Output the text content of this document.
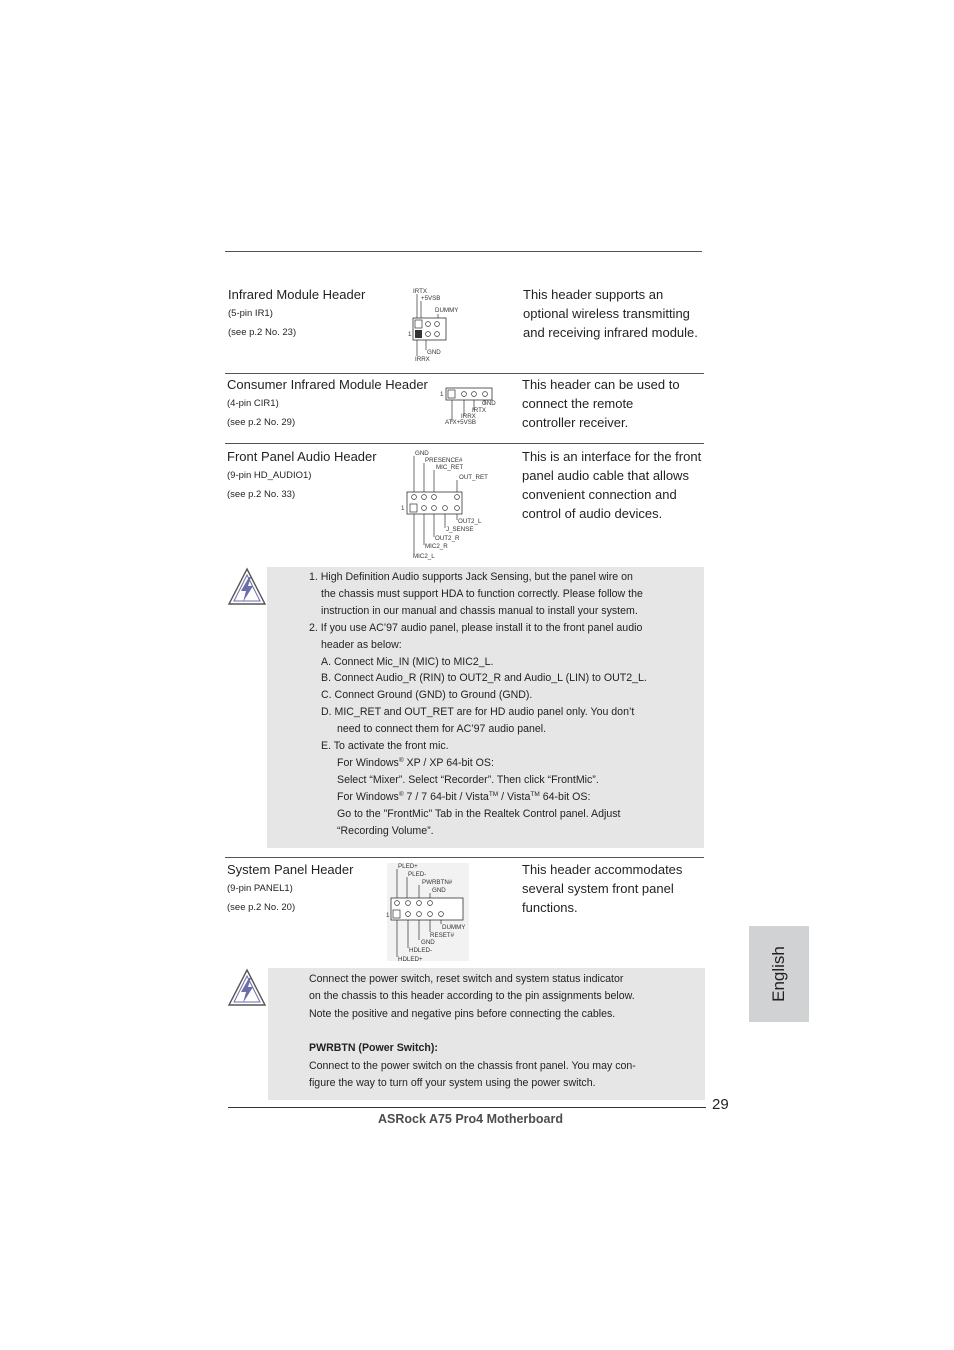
Infrared Module Header
(5-pin IR1)
(see p.2 No. 23)
This header supports an
optional wireless transmitting
and receiving infrared module.
IRTX
+5VSB
DUMMY
1
GND
IRRX
Consumer Infrared Module Header
(4-pin CIR1)
(see p.2 No. 29)
This header can be used to
connect the remote
controller receiver.
1
GND
IRTX
IRRX
ATX+5VSB
Front Panel Audio Header
(9-pin HD_AUDIO1)
(see p.2 No. 33)
This is an interface for the front
panel audio cable that allows
convenient connection and
control of audio devices.
GND
PRESENCE#
MIC_RET
OUT_RET
1
OUT2_L
J_SENSE
OUT2_R
MIC2_R
MIC2_L
1. High Definition Audio supports Jack Sensing, but the panel wire on
the chassis must support HDA to function correctly. Please follow the
instruction in our manual and chassis manual to install your system.
2. If you use AC’97 audio panel, please install it to the front panel audio
header as below:
A. Connect Mic_IN (MIC) to MIC2_L.
B. Connect Audio_R (RIN) to OUT2_R and Audio_L (LIN) to OUT2_L.
C. Connect Ground (GND) to Ground (GND).
D. MIC_RET and OUT_RET are for HD audio panel only. You don’t
need to connect them for AC’97 audio panel.
E. To activate the front mic.
For Windows® XP / XP 64-bit OS:
Select “Mixer”. Select “Recorder”. Then click “FrontMic”.
For Windows® 7 / 7 64-bit / Vista™ / Vista™ 64-bit OS:
Go to the "FrontMic" Tab in the Realtek Control panel. Adjust
“Recording Volume”.
System Panel Header
(9-pin PANEL1)
(see p.2 No. 20)
This header accommodates
several system front panel
functions.
PLED+
PLED-
PWRBTN#
GND
1
DUMMY
RESET#
GND
HDLED-
HDLED+
Connect the power switch, reset switch and system status indicator
on the chassis to this header according to the pin assignments below.
Note the positive and negative pins before connecting the cables.
PWRBTN (Power Switch):
Connect to the power switch on the chassis front panel. You may con-
figure the way to turn off your system using the power switch.
29
ASRock A75 Pro4 Motherboard
English
